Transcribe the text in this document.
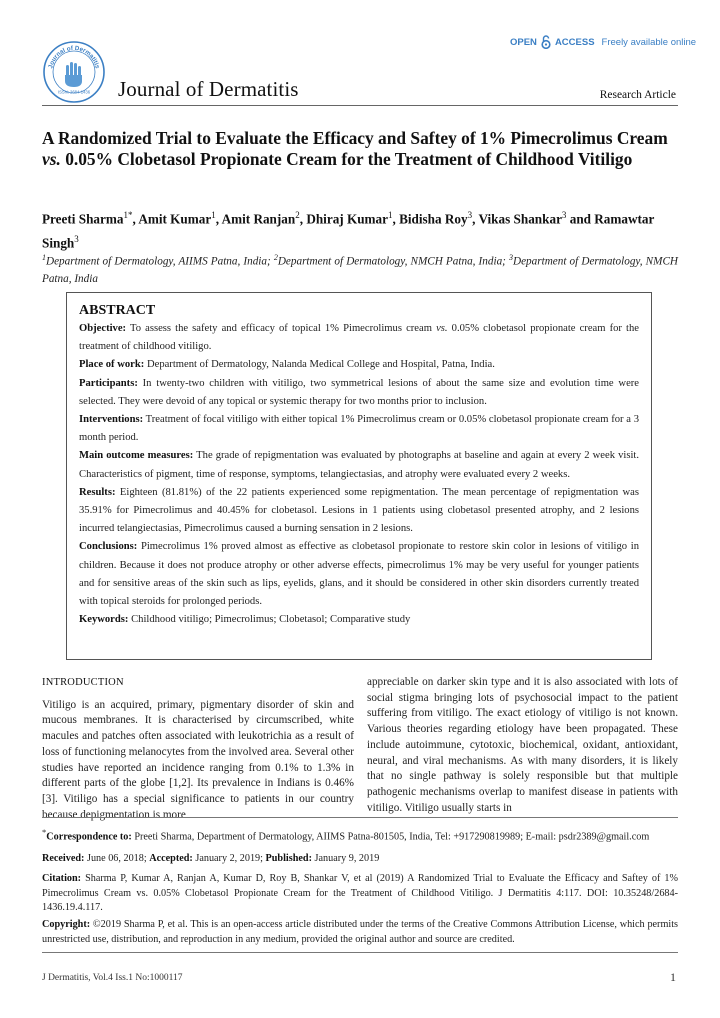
OPEN ACCESS Freely available online
Journal of Dermatitis
ISSN: 2684-1436 Journal of Dermatitis	Research Article
A Randomized Trial to Evaluate the Efficacy and Saftey of 1% Pimecrolimus Cream vs. 0.05% Clobetasol Propionate Cream for the Treatment of Childhood Vitiligo
Preeti Sharma$^{1*}$, Amit Kumar$^1$, Amit Ranjan$^2$, Dhiraj Kumar$^1$, Bidisha Roy$^3$, Vikas Shankar$^3$ and Ramawtar Singh$^3$
$^1$Department of Dermatology, AIIMS Patna, India; $^2$Department of Dermatology, NMCH Patna, India; $^3$Department of Dermatology, NMCH Patna, India
ABSTRACT

Objective: To assess the safety and efficacy of topical 1% Pimecrolimus cream vs. 0.05% clobetasol propionate cream for the treatment of childhood vitiligo.

Place of work: Department of Dermatology, Nalanda Medical College and Hospital, Patna, India.

Participants: In twenty-two children with vitiligo, two symmetrical lesions of about the same size and evolution time were selected. They were devoid of any topical or systemic therapy for two months prior to inclusion.

Interventions: Treatment of focal vitiligo with either topical 1% Pimecrolimus cream or 0.05% clobetasol propionate cream for a 3 month period.

Main outcome measures: The grade of repigmentation was evaluated by photographs at baseline and again at every 2 week visit. Characteristics of pigment, time of response, symptoms, telangiectasias, and atrophy were evaluated every 2 weeks.

Results: Eighteen (81.81%) of the 22 patients experienced some repigmentation. The mean percentage of repigmentation was 35.91% for Pimecrolimus and 40.45% for clobetasol. Lesions in 1 patients using clobetasol presented atrophy, and 2 lesions incurred telangiectasias, Pimecrolimus caused a burning sensation in 2 lesions.

Conclusions: Pimecrolimus 1% proved almost as effective as clobetasol propionate to restore skin color in lesions of vitiligo in children. Because it does not produce atrophy or other adverse effects, pimecrolimus 1% may be very useful for younger patients and for sensitive areas of the skin such as lips, eyelids, glans, and it should be considered in other skin disorders currently treated with topical steroids for prolonged periods.

Keywords: Childhood vitiligo; Pimecrolimus; Clobetasol; Comparative study

INTRODUCTION

Vitiligo is an acquired, primary, pigmentary disorder of skin and mucous membranes. It is characterised by circumscribed, white macules and patches often associated with leukotrichia as a result of loss of functioning melanocytes from the involved area. Several other studies have reported an incidence ranging from 0.1% to 1.3% in different parts of the globe [1,2]. Its prevalence in Indians is 0.46% [3]. Vitiligo has a special significance to patients in our country because depigmentation is more

appreciable on darker skin type and it is also associated with lots of social stigma bringing lots of psychosocial impact to the patient suffering from vitiligo. The exact etiology of vitiligo is not known. Various theories regarding etiology have been propagated. These include autoimmune, cytotoxic, biochemical, oxidant, antioxidant, neural, and viral mechanisms. As with many disorders, it is likely that no single pathway is solely responsible but that multiple pathogenic mechanisms overlap to manifest disease in patients with vitiligo. Vitiligo usually starts in

*Correspondence to: Preeti Sharma, Department of Dermatology, AIIMS Patna-801505, India, Tel: +917290819989; E-mail: psdr2389@gmail.com
Received: June 06, 2018; Accepted: January 2, 2019; Published: January 9, 2019
Citation: Sharma P, Kumar A, Ranjan A, Kumar D, Roy B, Shankar V, et al (2019) A Randomized Trial to Evaluate the Efficacy and Saftey of 1% Pimecrolimus Cream vs. 0.05% Clobetasol Propionate Cream for the Treatment of Childhood Vitiligo. J Dermatitis 4:117. DOI: 10.35248/2684-1436.19.4.117.
Copyright: ©2019 Sharma P, et al. This is an open-access article distributed under the terms of the Creative Commons Attribution License, which permits unrestricted use, distribution, and reproduction in any medium, provided the original author and source are credited.
J Dermatitis, Vol.4 Iss.1 No:1000117	1
